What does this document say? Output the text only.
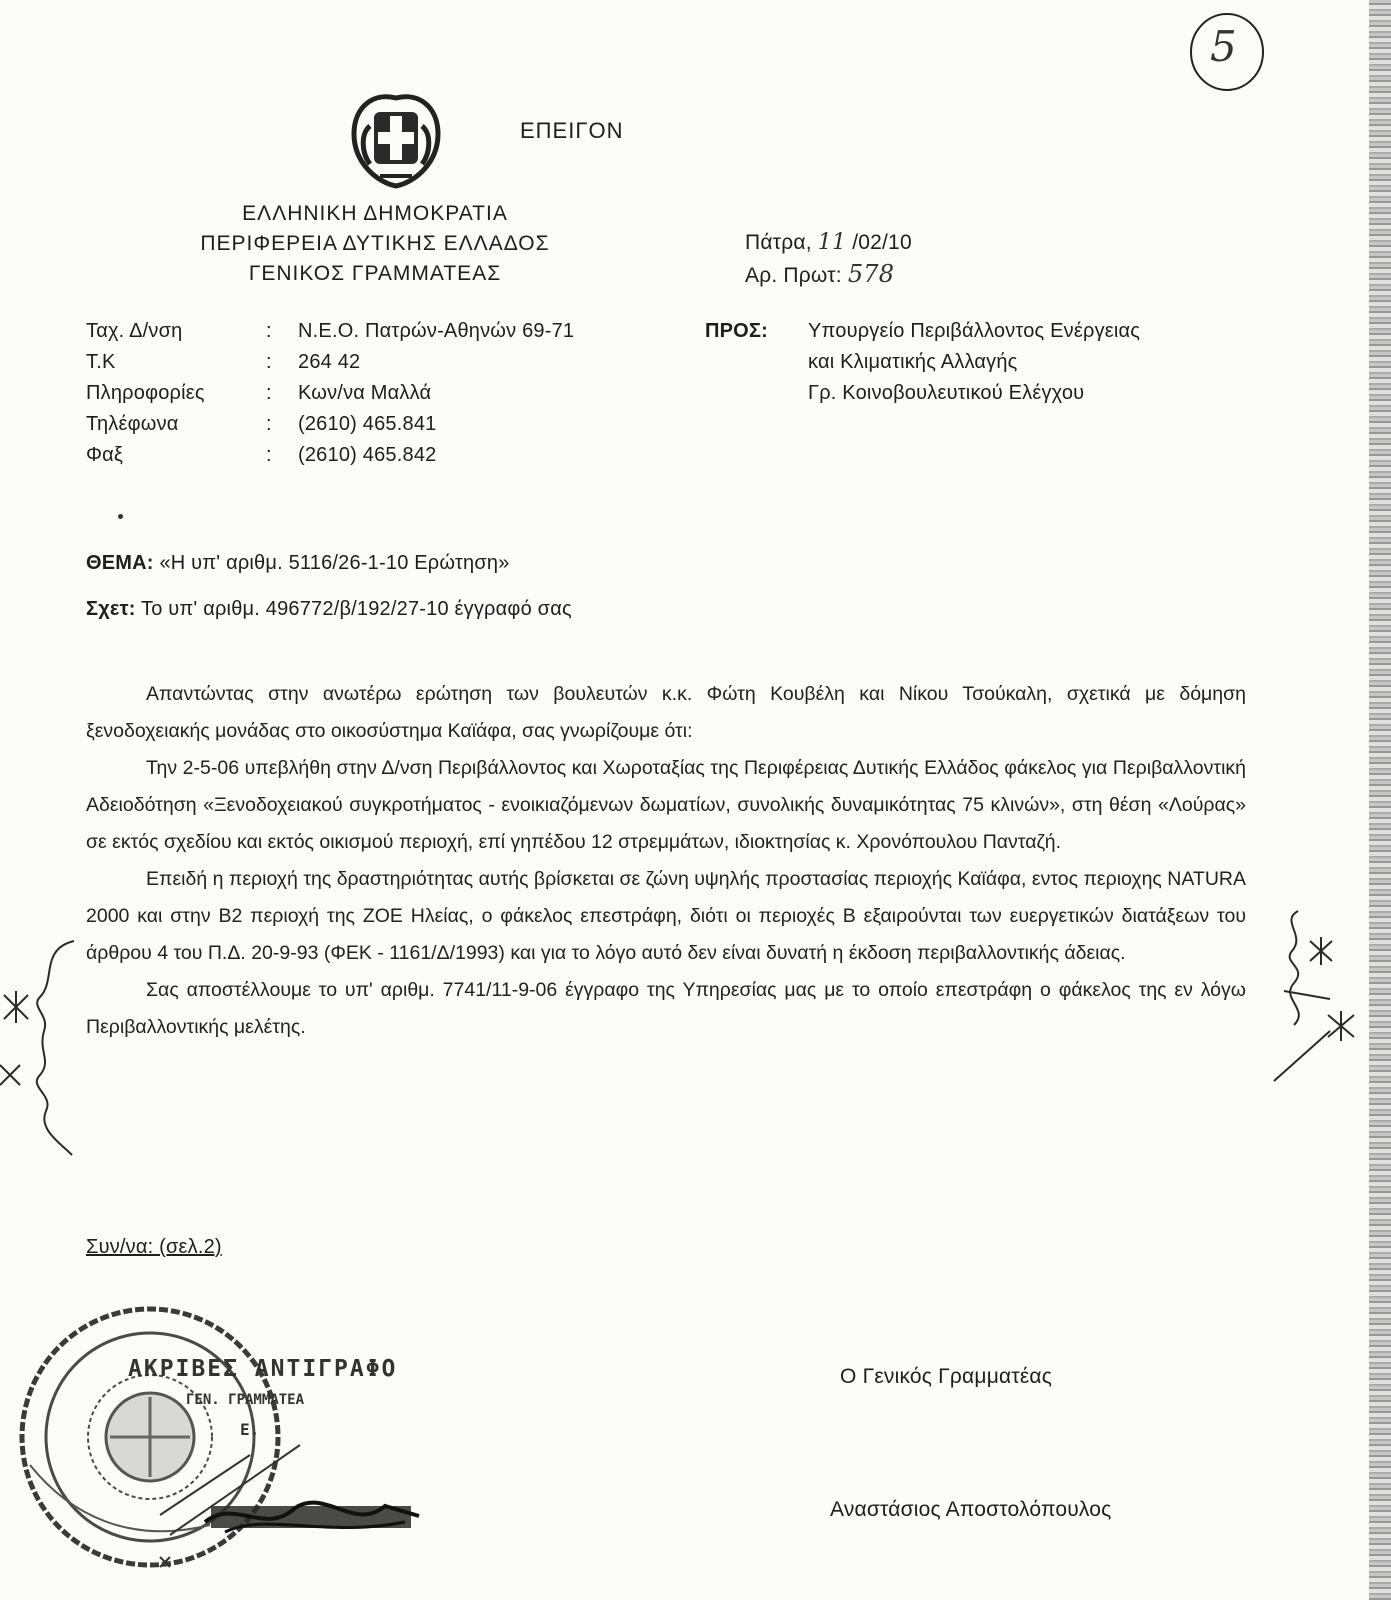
5
ΕΠΕΙΓΟΝ
ΕΛΛΗΝΙΚΗ ΔΗΜΟΚΡΑΤΙΑ
ΠΕΡΙΦΕΡΕΙΑ ΔΥΤΙΚΗΣ ΕΛΛΑΔΟΣ
ΓΕΝΙΚΟΣ ΓΡΑΜΜΑΤΕΑΣ
Πάτρα, 11 /02/10
Αρ. Πρωτ: 578
Ταχ. Δ/νση	: Ν.Ε.Ο. Πατρών-Αθηνών 69-71
Τ.Κ	: 264 42
Πληροφορίες	: Κων/να Μαλλά
Τηλέφωνα	: (2610) 465.841
Φαξ	: (2610) 465.842
ΠΡΟΣ: Υπουργείο Περιβάλλοντος Ενέργειας
και Κλιματικής Αλλαγής
Γρ. Κοινοβουλευτικού Ελέγχου
ΘΕΜΑ: «Η υπ' αριθμ. 5116/26-1-10 Ερώτηση»
Σχετ: Το υπ' αριθμ. 496772/β/192/27-10 έγγραφό σας

Απαντώντας στην ανωτέρω ερώτηση των βουλευτών κ.κ. Φώτη Κουβέλη και Νίκου Τσούκαλη, σχετικά με δόμηση ξενοδοχειακής μονάδας στο οικοσύστημα Καϊάφα, σας γνωρίζουμε ότι:

Την 2-5-06 υπεβλήθη στην Δ/νση Περιβάλλοντος και Χωροταξίας της Περιφέρειας Δυτικής Ελλάδος φάκελος για Περιβαλλοντική Αδειοδότηση «Ξενοδοχειακού συγκροτήματος - ενοικιαζόμενων δωματίων, συνολικής δυναμικότητας 75 κλινών», στη θέση «Λούρας» σε εκτός σχεδίου και εκτός οικισμού περιοχή, επί γηπέδου 12 στρεμμάτων, ιδιοκτησίας κ. Χρονόπουλου Πανταζή.

Επειδή η περιοχή της δραστηριότητας αυτής βρίσκεται σε ζώνη υψηλής προστασίας περιοχής Καϊάφα, εντος περιοχης NATURA 2000 και στην Β2 περιοχή της ΖΟΕ Ηλείας, ο φάκελος επεστράφη, διότι οι περιοχές Β εξαιρούνται των ευεργετικών διατάξεων του άρθρου 4 του Π.Δ. 20-9-93 (ΦΕΚ - 1161/Δ/1993) και για το λόγο αυτό δεν είναι δυνατή η έκδοση περιβαλλοντικής άδειας.

Σας αποστέλλουμε το υπ' αριθμ. 7741/11-9-06 έγγραφο της Υπηρεσίας μας με το οποίο επεστράφη ο φάκελος της εν λόγω Περιβαλλοντικής μελέτης.

Συν/να: (σελ.2)
ΑΚΡΙΒΕΣ ΑΝΤΙΓΡΑΦΟ
ΓΕΝ. ΓΡΑΜΜΑΤΕΑ
Ε.
Ο Γενικός Γραμματέας
Αναστάσιος Αποστολόπουλος
